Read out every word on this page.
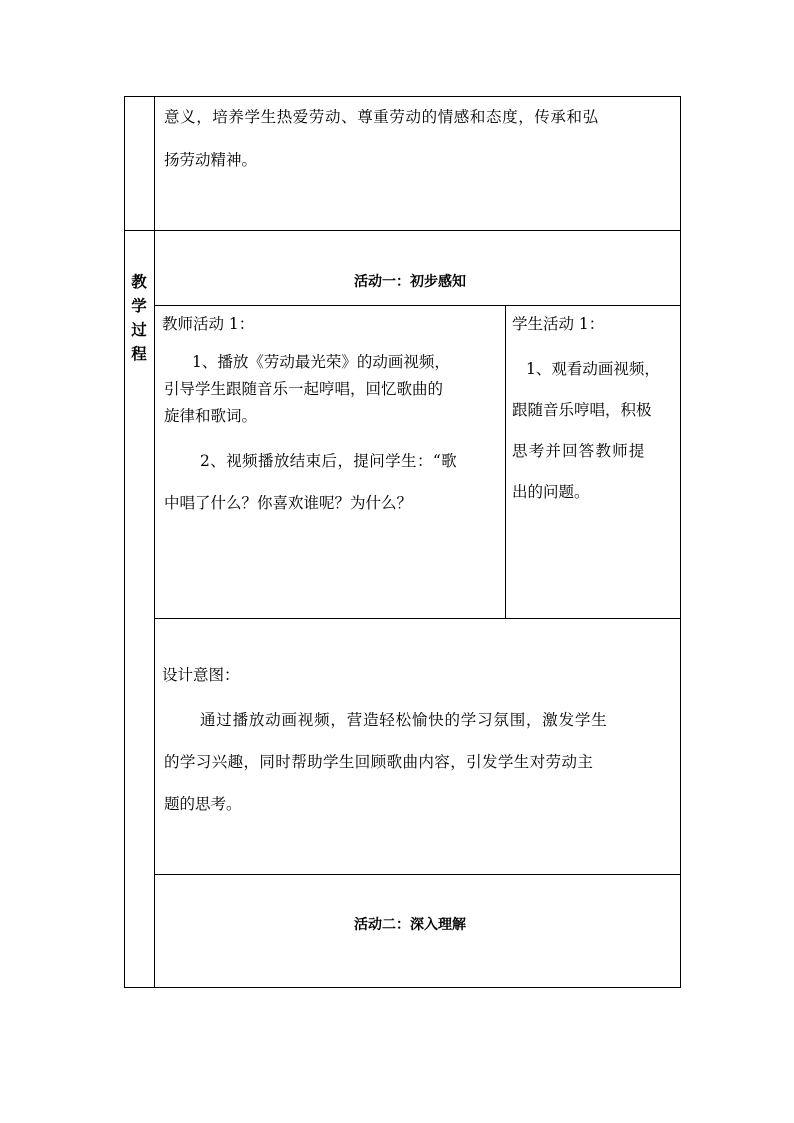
意义，培养学生热爱劳动、尊重劳动的情感和态度，传承和弘
扬劳动精神。
教
学
过
程
活动一：初步感知
教师活动 1：
1、播放《劳动最光荣》的动画视频，
引导学生跟随音乐一起哼唱，回忆歌曲的
旋律和歌词。
2、视频播放结束后，提问学生：“歌
中唱了什么？你喜欢谁呢？为什么？
学生活动 1：
1、观看动画视频，
跟随音乐哼唱，积极
思考并回答教师提
出的问题。
设计意图：
通过播放动画视频，营造轻松愉快的学习氛围，激发学生
的学习兴趣，同时帮助学生回顾歌曲内容，引发学生对劳动主
题的思考。
活动二：深入理解
